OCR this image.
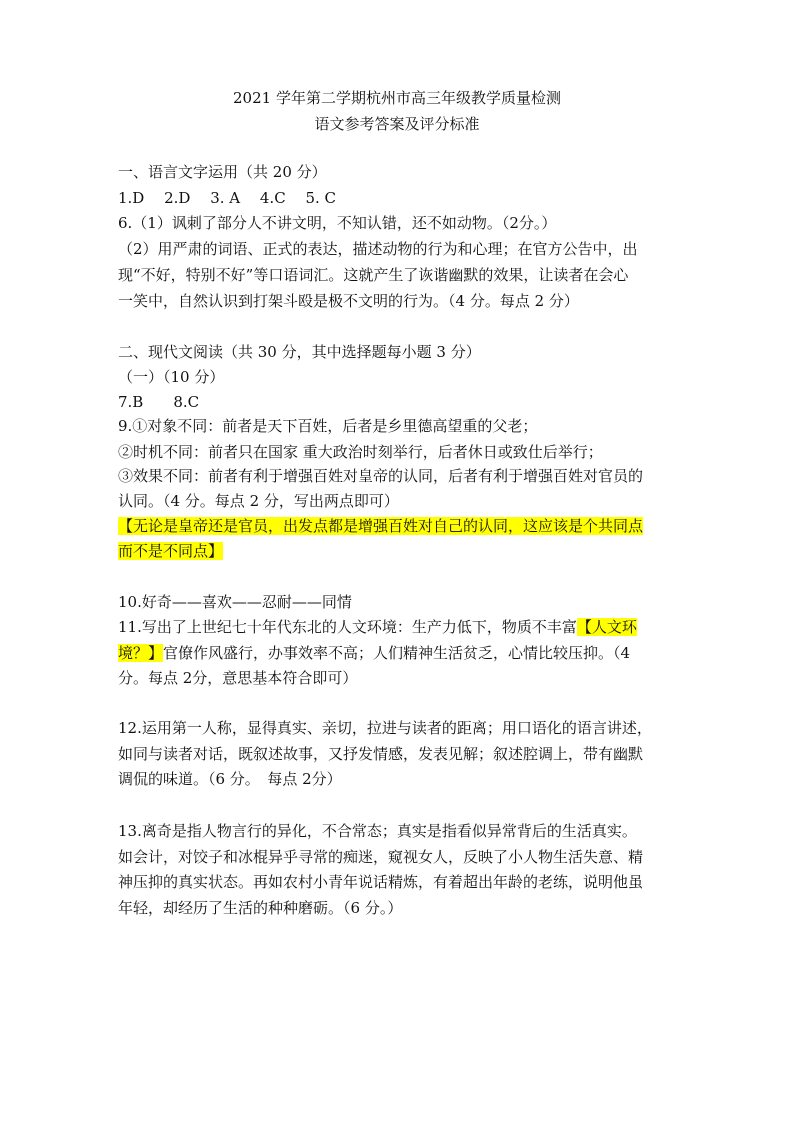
2021 学年第二学期杭州市高三年级教学质量检测
语文参考答案及评分标准
一、语言文字运用（共 20 分）
1.D　 2.D　 3. A　 4.C　 5. C
6.（1）讽刺了部分人不讲文明，不知认错，还不如动物。（2分。）
（2）用严肃的词语、正式的表达，描述动物的行为和心理；在官方公告中，出
现“不好，特别不好”等口语词汇。这就产生了诙谐幽默的效果，让读者在会心
一笑中，自然认识到打架斗殴是极不文明的行为。（4 分。每点 2 分）
二、现代文阅读（共 30 分，其中选择题每小题 3 分）
（一）（10 分）
7.B　　8.C
9.①对象不同：前者是天下百姓，后者是乡里德高望重的父老；
②时机不同：前者只在国家 重大政治时刻举行，后者休日或致仕后举行；
③效果不同：前者有利于增强百姓对皇帝的认同，后者有利于增强百姓对官员的
认同。（4 分。每点 2 分，写出两点即可）
【无论是皇帝还是官员，出发点都是增强百姓对自己的认同，这应该是个共同点
而不是不同点】
10.好奇——喜欢——忍耐——同情
11.写出了上世纪七十年代东北的人文环境：生产力低下，物质不丰富【人文环
境？】官僚作风盛行，办事效率不高；人们精神生活贫乏，心情比较压抑。（4
分。每点 2分，意思基本符合即可）
12.运用第一人称，显得真实、亲切，拉进与读者的距离；用口语化的语言讲述，
如同与读者对话，既叙述故事，又抒发情感，发表见解；叙述腔调上，带有幽默
调侃的味道。（6 分。　每点 2分）
13.离奇是指人物言行的异化，不合常态；真实是指看似异常背后的生活真实。
如会计，对饺子和冰棍异乎寻常的痴迷，窥视女人，反映了小人物生活失意、精
神压抑的真实状态。再如农村小青年说话精炼，有着超出年龄的老练，说明他虽
年轻，却经历了生活的种种磨砺。（6 分。）
